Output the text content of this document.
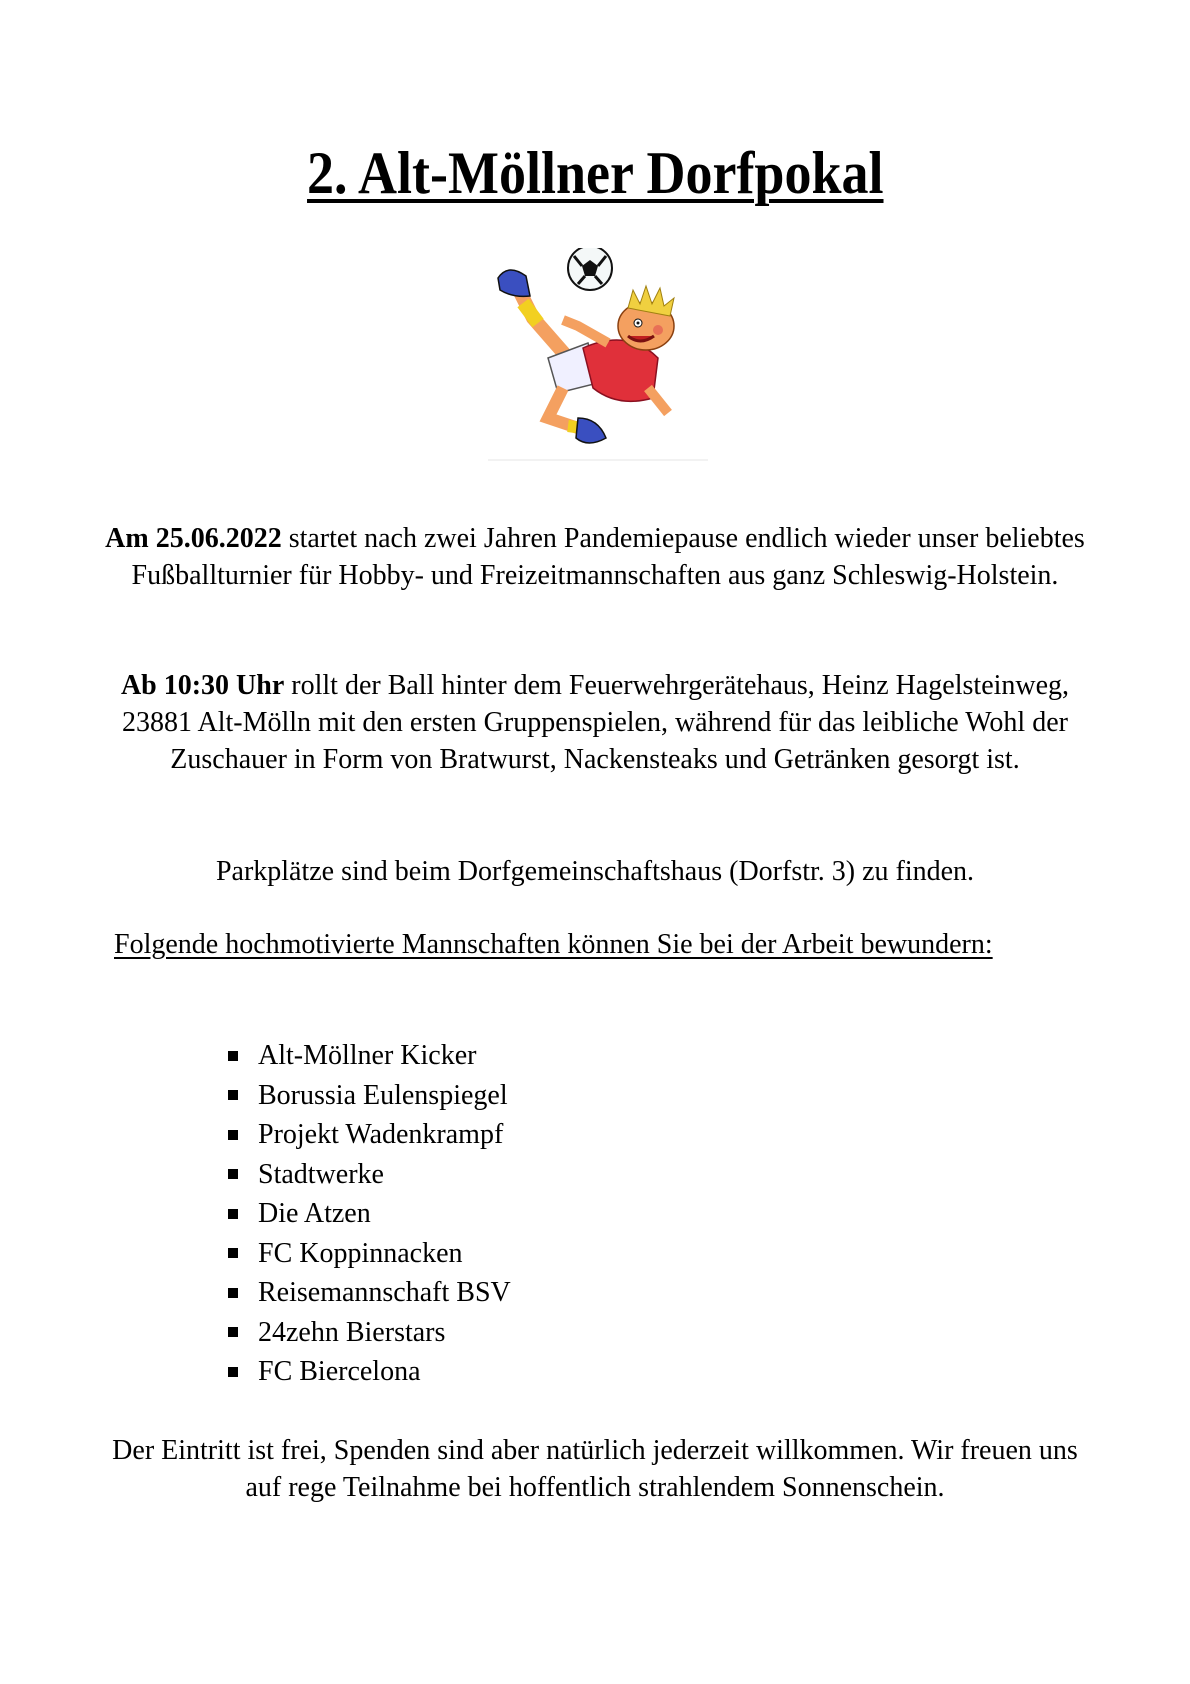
2. Alt-Möllner Dorfpokal

Am 25.06.2022 startet nach zwei Jahren Pandemiepause endlich wieder unser beliebtes Fußballturnier für Hobby- und Freizeitmannschaften aus ganz Schleswig-Holstein.

Ab 10:30 Uhr rollt der Ball hinter dem Feuerwehrgerätehaus, Heinz Hagelsteinweg, 23881 Alt-Mölln mit den ersten Gruppenspielen, während für das leibliche Wohl der Zuschauer in Form von Bratwurst, Nackensteaks und Getränken gesorgt ist.

Parkplätze sind beim Dorfgemeinschaftshaus (Dorfstr. 3) zu finden.

Folgende hochmotivierte Mannschaften können Sie bei der Arbeit bewundern:

Alt-Möllner Kicker
Borussia Eulenspiegel
Projekt Wadenkrampf
Stadtwerke
Die Atzen
FC Koppinnacken
Reisemannschaft BSV
24zehn Bierstars
FC Biercelona

Der Eintritt ist frei, Spenden sind aber natürlich jederzeit willkommen. Wir freuen uns auf rege Teilnahme bei hoffentlich strahlendem Sonnenschein.
